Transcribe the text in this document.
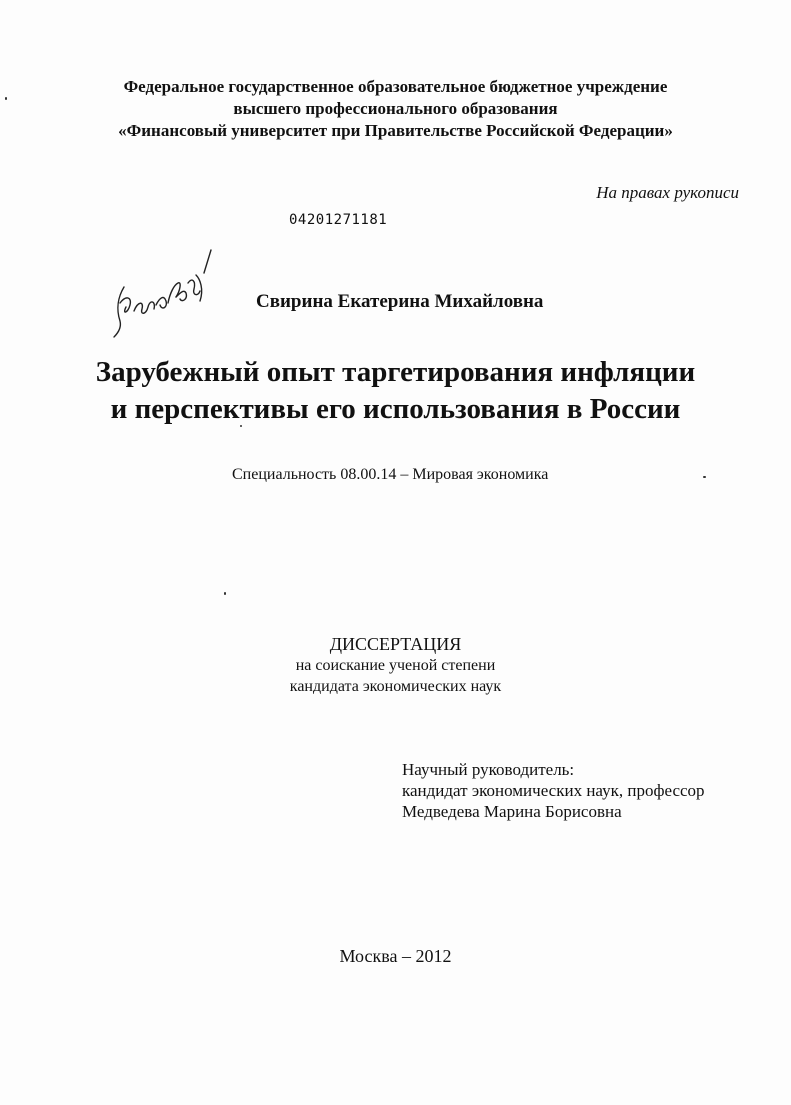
Федеральное государственное образовательное бюджетное учреждение
высшего профессионального образования
«Финансовый университет при Правительстве Российской Федерации»
На правах рукописи
04201271181
Свирина Екатерина Михайловна
Зарубежный опыт таргетирования инфляции
и перспективы его использования в России
Специальность 08.00.14 – Мировая экономика
ДИССЕРТАЦИЯ
на соискание ученой степени
кандидата экономических наук
Научный руководитель:
кандидат экономических наук, профессор
Медведева Марина Борисовна
Москва – 2012
